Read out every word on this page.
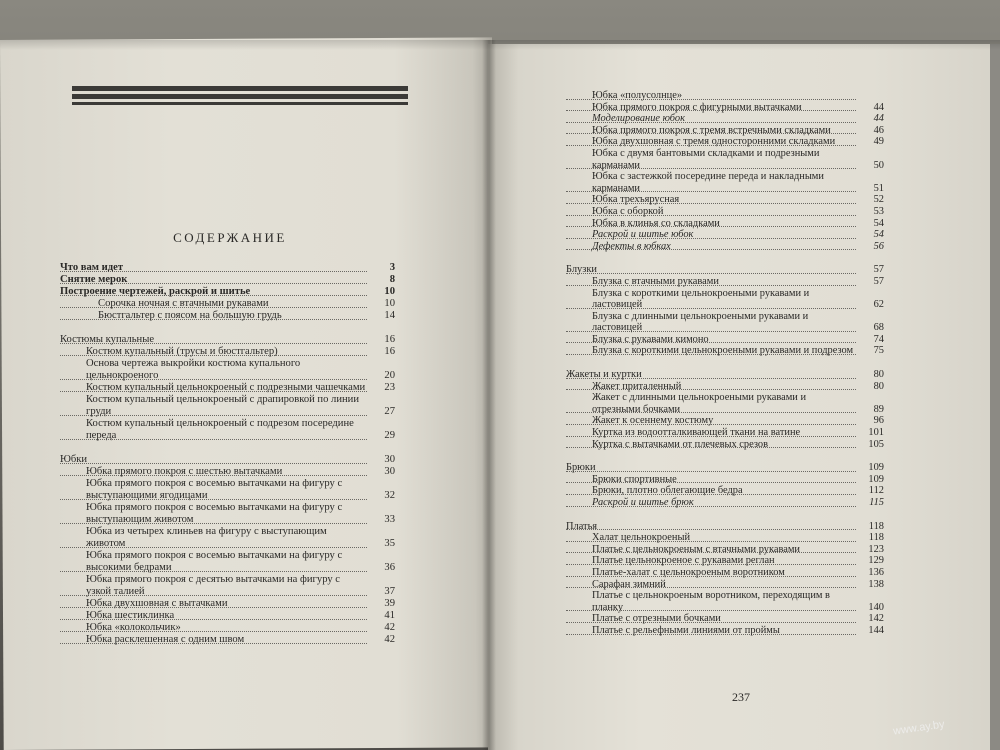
СОДЕРЖАНИЕ
Что вам идет	3
Снятие мерок	8
Построение чертежей, раскрой и шитье	10
Сорочка ночная с втачными рукавами	10
Бюстгальтер с поясом на большую грудь	14
Костюмы купальные	16
Костюм купальный (трусы и бюстгальтер)	16
Основа чертежа выкройки костюма купального цельнокроеного	20
Костюм купальный цельнокроеный с подрезными чашечками	23
Костюм купальный цельнокроеный с драпировкой по линии груди	27
Костюм купальный цельнокроеный с подрезом посередине переда	29
Юбки	30
Юбка прямого покроя с шестью вытачками	30
Юбка прямого покроя с восемью вытачками на фигуру с выступающими ягодицами	32
Юбка прямого покроя с восемью вытачками на фигуру с выступающим животом	33
Юбка из четырех клиньев на фигуру с выступающим животом	35
Юбка прямого покроя с восемью вытачками на фигуру с высокими бедрами	36
Юбка прямого покроя с десятью вытачками на фигуру с узкой талией	37
Юбка двухшовная с вытачками	39
Юбка шестиклинка	41
Юбка «колокольчик»	42
Юбка расклешенная с одним швом	42
Юбка «полусолнце»
Юбка прямого покроя с фигурными вытачками	44
Моделирование юбок	44
Юбка прямого покроя с тремя встречными складками	46
Юбка двухшовная с тремя односторонними складками	49
Юбка с двумя бантовыми складками и подрезными карманами	50
Юбка с застежкой посередине переда и накладными карманами	51
Юбка трехъярусная	52
Юбка с оборкой	53
Юбка в клинья со складками	54
Раскрой и шитье юбок	54
Дефекты в юбках	56
Блузки	57
Блузка с втачными рукавами	57
Блузка с короткими цельнокроеными рукавами и ластовицей	62
Блузка с длинными цельнокроеными рукавами и ластовицей	68
Блузка с рукавами кимоно	74
Блузка с короткими цельнокроеными рукавами и подрезом	75
Жакеты и куртки	80
Жакет приталенный	80
Жакет с длинными цельнокроеными рукавами и отрезными бочками	89
Жакет к осеннему костюму	96
Куртка из водоотталкивающей ткани на ватине	101
Куртка с вытачками от плечевых срезов	105
Брюки	109
Брюки спортивные	109
Брюки, плотно облегающие бедра	112
Раскрой и шитье брюк	115
Платья	118
Халат цельнокроеный	118
Платье с цельнокроеным с втачными рукавами	123
Платье цельнокроеное с рукавами реглан	129
Платье-халат с цельнокроеным воротником	136
Сарафан зимний	138
Платье с цельнокроеным воротником, переходящим в планку	140
Платье с отрезными бочками	142
Платье с рельефными линиями от проймы	144
237
www.ay.by
